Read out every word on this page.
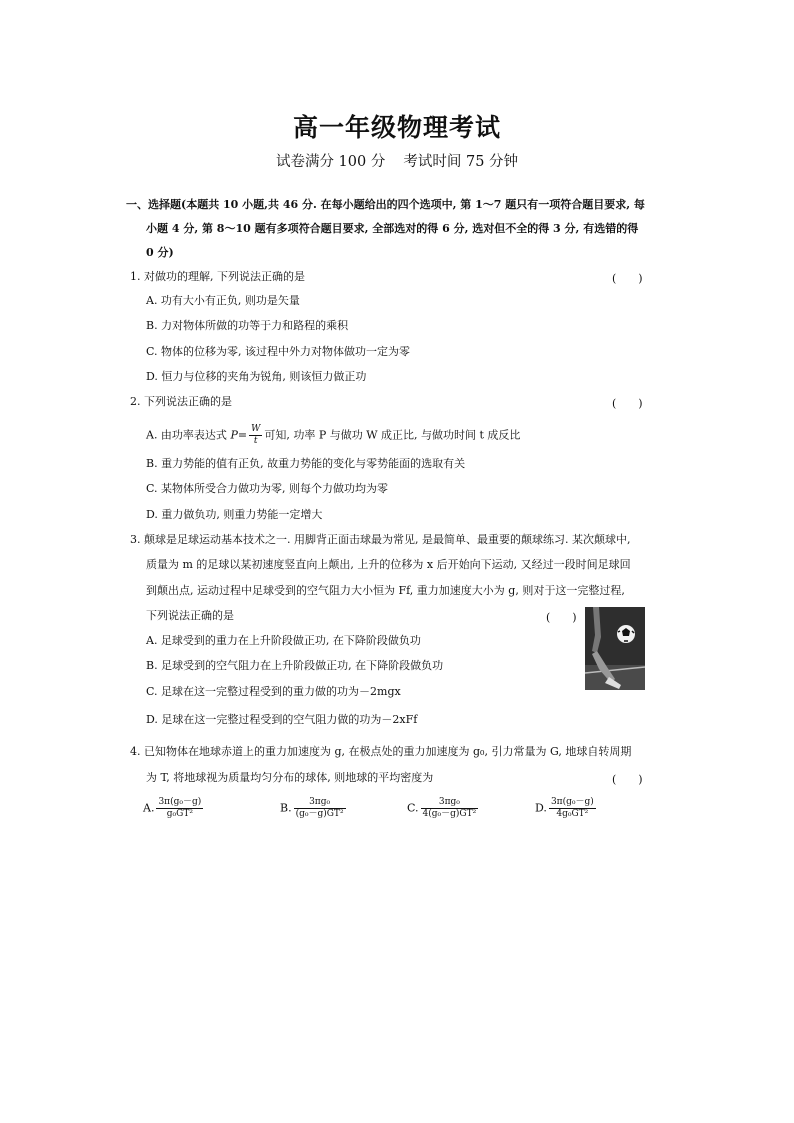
高一年级物理考试
试卷满分 100 分 考试时间 75 分钟
一、选择题(本题共 10 小题,共 46 分. 在每小题给出的四个选项中, 第 1～7 题只有一项符合题目要求, 每
小题 4 分, 第 8～10 题有多项符合题目要求, 全部选对的得 6 分, 选对但不全的得 3 分, 有选错的得
0 分)
1. 对做功的理解, 下列说法正确的是	(　　)
A. 功有大小有正负, 则功是矢量
B. 力对物体所做的功等于力和路程的乘积
C. 物体的位移为零, 该过程中外力对物体做功一定为零
D. 恒力与位移的夹角为锐角, 则该恒力做正功
2. 下列说法正确的是	(　　)
A. 由功率表达式 $P= \frac{W}{t}$ 可知, 功率 P 与做功 W 成正比, 与做功时间 t 成反比
B. 重力势能的值有正负, 故重力势能的变化与零势能面的选取有关
C. 某物体所受合力做功为零, 则每个力做功均为零
D. 重力做负功, 则重力势能一定增大
3. 颠球是足球运动基本技术之一. 用脚背正面击球最为常见, 是最简单、最重要的颠球练习. 某次颠球中,
质量为 m 的足球以某初速度竖直向上颠出, 上升的位移为 x 后开始向下运动, 又经过一段时间足球回
到颠出点, 运动过程中足球受到的空气阻力大小恒为 Ff, 重力加速度大小为 g, 则对于这一完整过程,
下列说法正确的是	(　　)
A. 足球受到的重力在上升阶段做正功, 在下降阶段做负功
B. 足球受到的空气阻力在上升阶段做正功, 在下降阶段做负功
C. 足球在这一完整过程受到的重力做的功为－2mgx
D. 足球在这一完整过程受到的空气阻力做的功为－2xFf
4. 已知物体在地球赤道上的重力加速度为 g, 在极点处的重力加速度为 g₀, 引力常量为 G, 地球自转周期
为 T, 将地球视为质量均匀分布的球体, 则地球的平均密度为	(　　)
A. $\frac{\text{3π(g₀－g)}}{\text{g₀GT²}}$	B. $\frac{\text{3πg₀}}{\text{(g₀－g)GT²}}$	C. $\frac{\text{3πg₀}}{\text{4(g₀－g)GT²}}$	D. $\frac{\text{3π(g₀－g)}}{\text{4g₀GT²}}$
